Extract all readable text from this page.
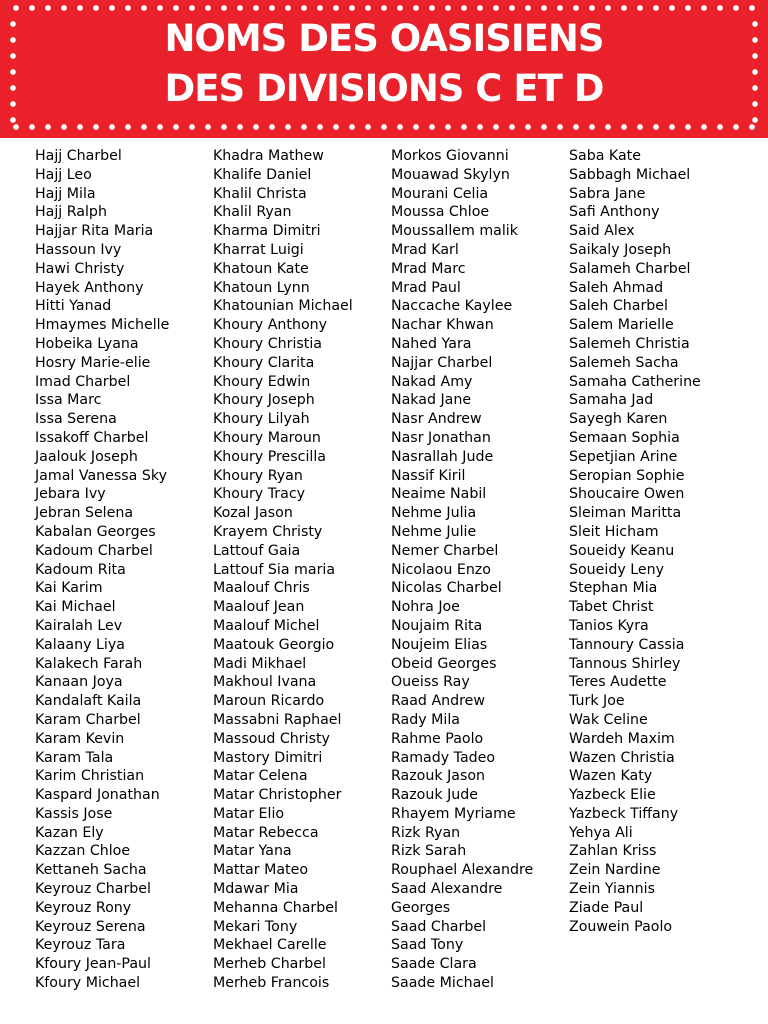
NOMS DES OASISIENS
DES DIVISIONS C ET D
Hajj Charbel
Hajj Leo
Hajj Mila
Hajj Ralph
Hajjar Rita Maria
Hassoun Ivy
Hawi Christy
Hayek Anthony
Hitti Yanad
Hmaymes Michelle
Hobeika Lyana
Hosry Marie-elie
Imad Charbel
Issa Marc
Issa Serena
Issakoff Charbel
Jaalouk Joseph
Jamal Vanessa Sky
Jebara Ivy
Jebran Selena
Kabalan Georges
Kadoum Charbel
Kadoum Rita
Kai Karim
Kai Michael
Kairalah Lev
Kalaany Liya
Kalakech Farah
Kanaan Joya
Kandalaft Kaila
Karam Charbel
Karam Kevin
Karam Tala
Karim Christian
Kaspard Jonathan
Kassis Jose
Kazan Ely
Kazzan Chloe
Kettaneh Sacha
Keyrouz Charbel
Keyrouz Rony
Keyrouz Serena
Keyrouz Tara
Kfoury Jean-Paul
Kfoury Michael
Khadra Mathew
Khalife Daniel
Khalil Christa
Khalil Ryan
Kharma Dimitri
Kharrat Luigi
Khatoun Kate
Khatoun Lynn
Khatounian Michael
Khoury Anthony
Khoury Christia
Khoury Clarita
Khoury Edwin
Khoury Joseph
Khoury Lilyah
Khoury Maroun
Khoury Prescilla
Khoury Ryan
Khoury Tracy
Kozal Jason
Krayem Christy
Lattouf Gaia
Lattouf Sia maria
Maalouf Chris
Maalouf Jean
Maalouf Michel
Maatouk Georgio
Madi Mikhael
Makhoul Ivana
Maroun Ricardo
Massabni Raphael
Massoud Christy
Mastory Dimitri
Matar Celena
Matar Christopher
Matar Elio
Matar Rebecca
Matar Yana
Mattar Mateo
Mdawar Mia
Mehanna Charbel
Mekari Tony
Mekhael Carelle
Merheb Charbel
Merheb Francois
Morkos Giovanni
Mouawad Skylyn
Mourani Celia
Moussa Chloe
Moussallem malik
Mrad Karl
Mrad Marc
Mrad Paul
Naccache Kaylee
Nachar Khwan
Nahed Yara
Najjar Charbel
Nakad Amy
Nakad Jane
Nasr Andrew
Nasr Jonathan
Nasrallah Jude
Nassif Kiril
Neaime Nabil
Nehme Julia
Nehme Julie
Nemer Charbel
Nicolaou Enzo
Nicolas Charbel
Nohra Joe
Noujaim Rita
Noujeim Elias
Obeid Georges
Oueiss Ray
Raad Andrew
Rady Mila
Rahme Paolo
Ramady Tadeo
Razouk Jason
Razouk Jude
Rhayem Myriame
Rizk Ryan
Rizk Sarah
Rouphael Alexandre
Saad Alexandre
Georges
Saad Charbel
Saad Tony
Saade Clara
Saade Michael
Saba Kate
Sabbagh Michael
Sabra Jane
Safi Anthony
Said Alex
Saikaly Joseph
Salameh Charbel
Saleh Ahmad
Saleh Charbel
Salem Marielle
Salemeh Christia
Salemeh Sacha
Samaha Catherine
Samaha Jad
Sayegh Karen
Semaan Sophia
Sepetjian Arine
Seropian Sophie
Shoucaire Owen
Sleiman Maritta
Sleit Hicham
Soueidy Keanu
Soueidy Leny
Stephan Mia
Tabet Christ
Tanios Kyra
Tannoury Cassia
Tannous Shirley
Teres Audette
Turk Joe
Wak Celine
Wardeh Maxim
Wazen Christia
Wazen Katy
Yazbeck Elie
Yazbeck Tiffany
Yehya Ali
Zahlan Kriss
Zein Nardine
Zein Yiannis
Ziade Paul
Zouwein Paolo
